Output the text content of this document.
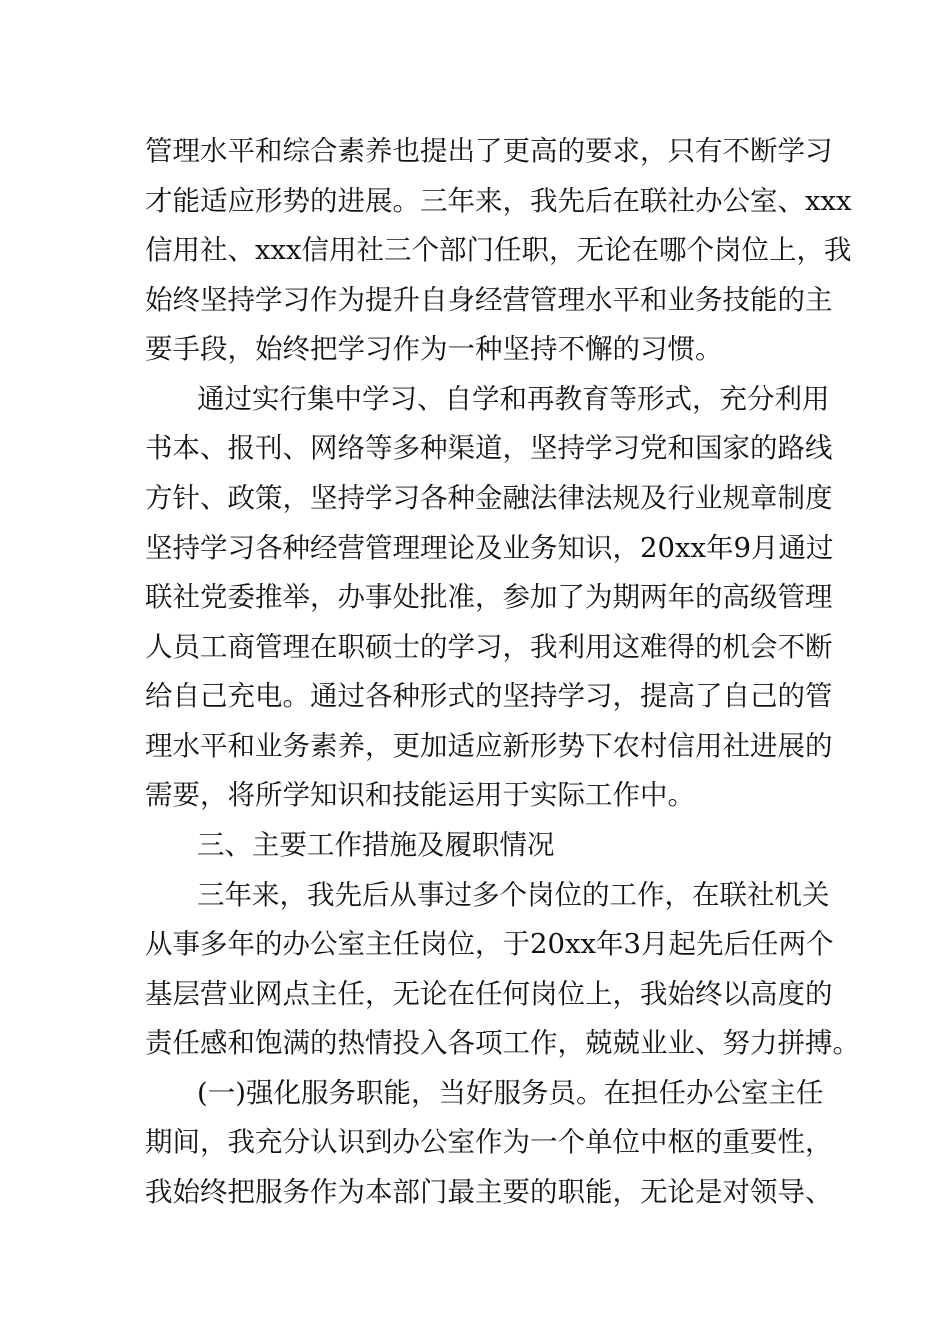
管理水平和综合素养也提出了更高的要求，只有不断学习
才能适应形势的进展。三年来，我先后在联社办公室、xxx
信用社、xxx信用社三个部门任职，无论在哪个岗位上，我
始终坚持学习作为提升自身经营管理水平和业务技能的主
要手段，始终把学习作为一种坚持不懈的习惯。
通过实行集中学习、自学和再教育等形式，充分利用
书本、报刊、网络等多种渠道，坚持学习党和国家的路线
方针、政策，坚持学习各种金融法律法规及行业规章制度
坚持学习各种经营管理理论及业务知识，20xx年9月通过
联社党委推举，办事处批准，参加了为期两年的高级管理
人员工商管理在职硕士的学习，我利用这难得的机会不断
给自己充电。通过各种形式的坚持学习，提高了自己的管
理水平和业务素养，更加适应新形势下农村信用社进展的
需要，将所学知识和技能运用于实际工作中。
三、主要工作措施及履职情况
三年来，我先后从事过多个岗位的工作，在联社机关
从事多年的办公室主任岗位，于20xx年3月起先后任两个
基层营业网点主任，无论在任何岗位上，我始终以高度的
责任感和饱满的热情投入各项工作，兢兢业业、努力拼搏。
(一)强化服务职能，当好服务员。在担任办公室主任
期间，我充分认识到办公室作为一个单位中枢的重要性，
我始终把服务作为本部门最主要的职能，无论是对领导、
